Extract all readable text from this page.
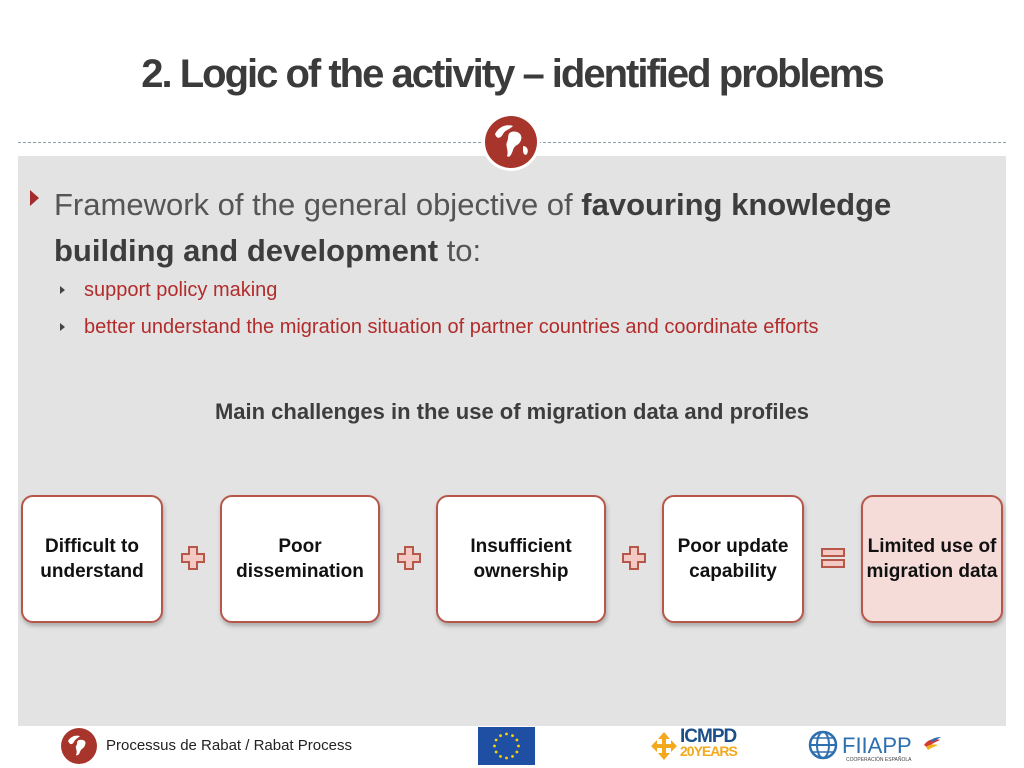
2. Logic of the activity – identified problems
Framework of the general objective of favouring knowledge building and development to:
support policy making
better understand the migration situation of partner countries and coordinate efforts
Main challenges in the use of migration data and profiles
Difficult to understand
Poor dissemination
Insufficient ownership
Poor update capability
Limited use of migration data
Processus de Rabat / Rabat Process	ICMPD
20YEARS	FIIAPP
COOPERACIÓN ESPAÑOLA
